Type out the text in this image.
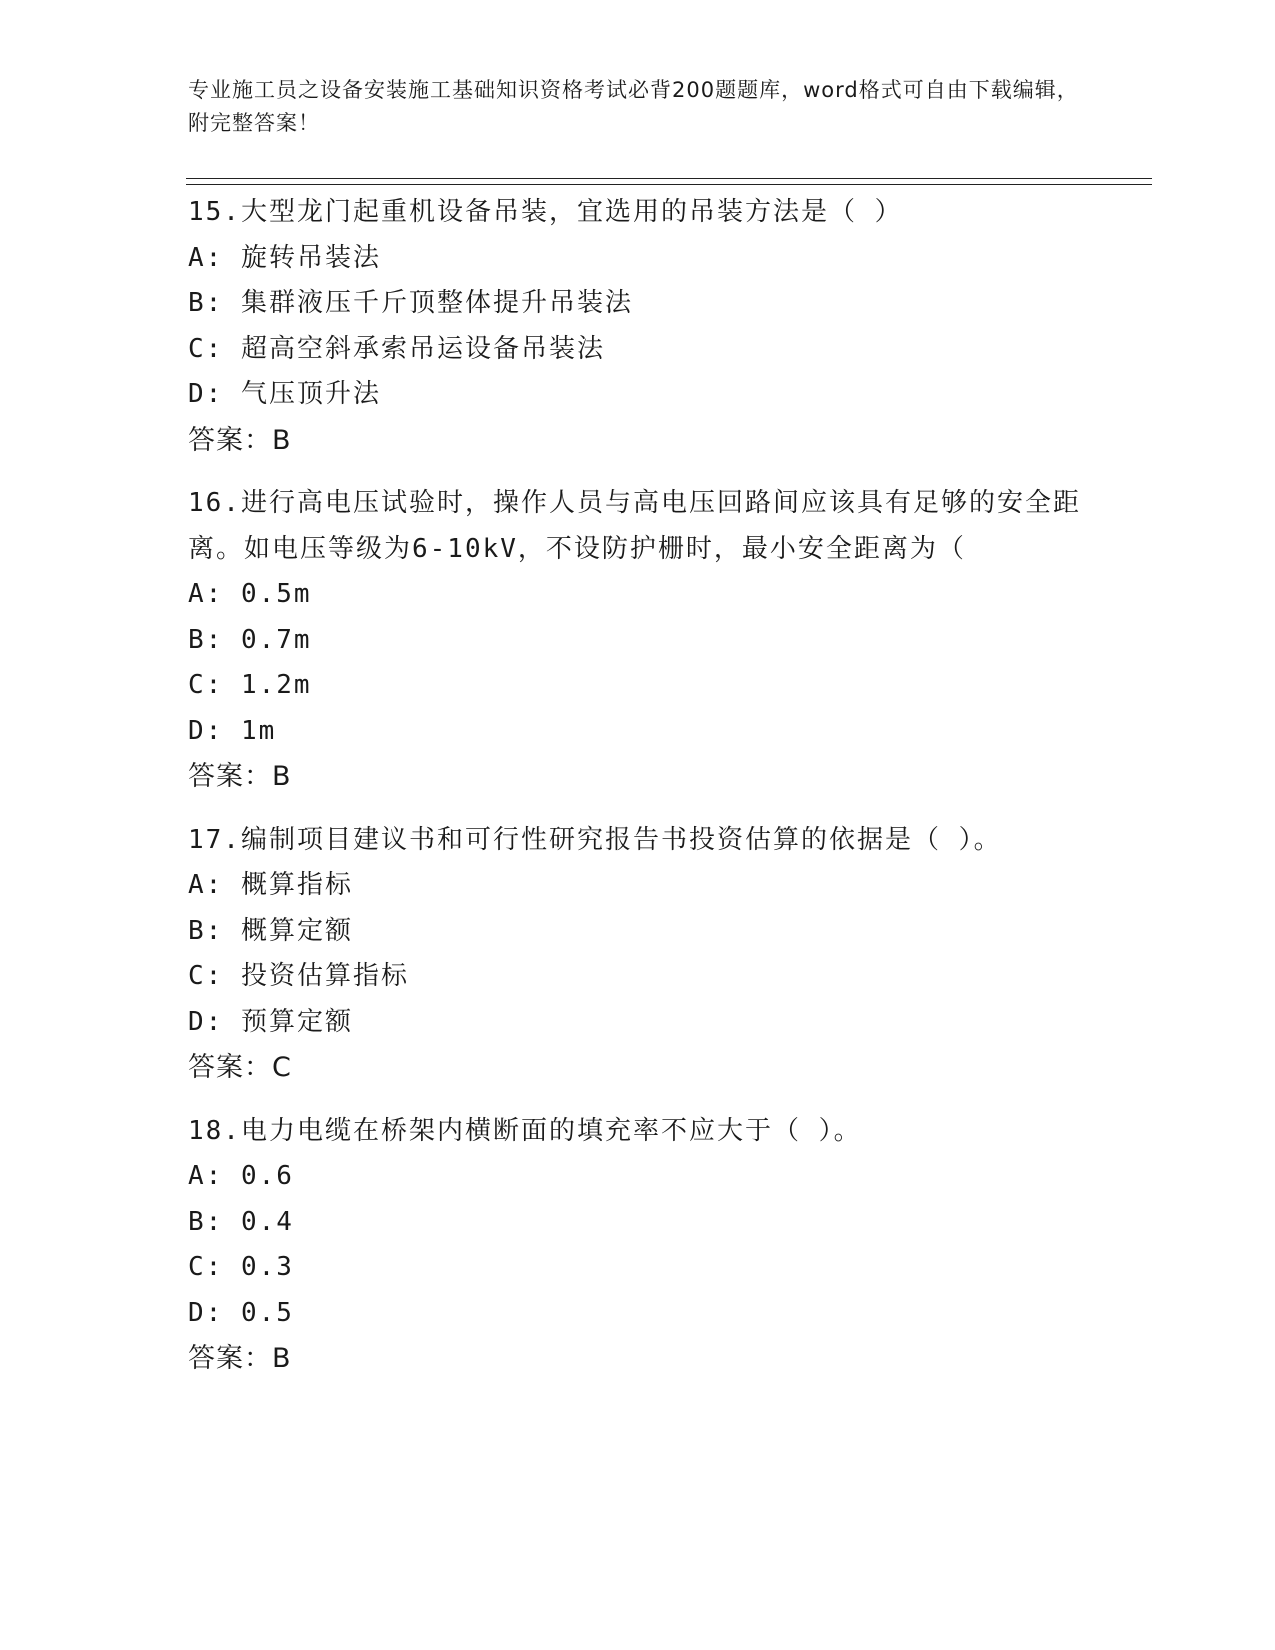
专业施工员之设备安装施工基础知识资格考试必背200题题库，word格式可自由下载编辑，附完整答案！

15.大型龙门起重机设备吊装，宜选用的吊装方法是（ ）

A: 旋转吊装法

B: 集群液压千斤顶整体提升吊装法

C: 超高空斜承索吊运设备吊装法

D: 气压顶升法

答案：B

16.进行高电压试验时，操作人员与高电压回路间应该具有足够的安全距离。如电压等级为6-10kV，不设防护栅时，最小安全距离为（

A: 0.5m

B: 0.7m

C: 1.2m

D: 1m

答案：B

17.编制项目建议书和可行性研究报告书投资估算的依据是（ ）。

A: 概算指标

B: 概算定额

C: 投资估算指标

D: 预算定额

答案：C

18.电力电缆在桥架内横断面的填充率不应大于（ ）。

A: 0.6

B: 0.4

C: 0.3

D: 0.5

答案：B
